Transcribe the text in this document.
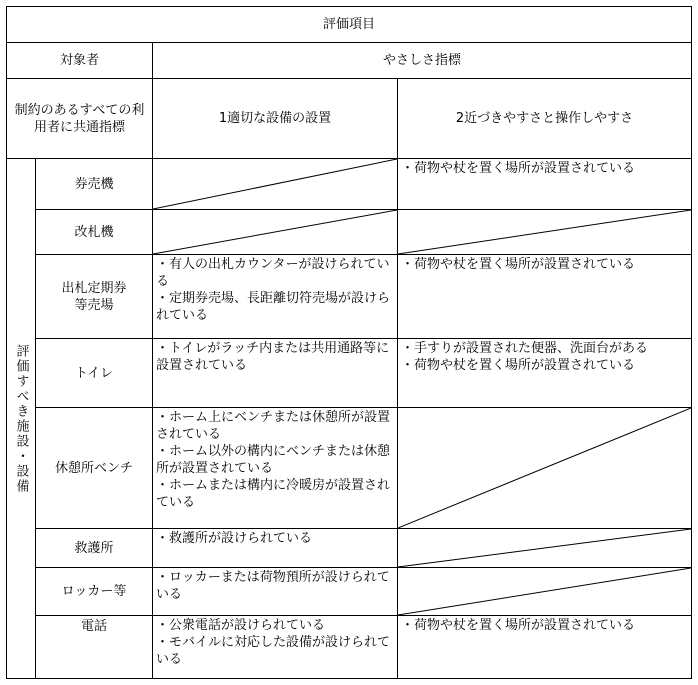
評価項目			
対象者		やさしさ指標	
制約のあるすべての利用者に共通指標		1適切な設備の設置	2近づきやすさと操作しやすさ
評価すべき施設・設備	券売機		・荷物や杖を置く場所が設置されている

	改札機	

	出札定期券等売場	・有人の出札カウンターが設けられている
・定期券売場、長距離切符売場が設けられている	・荷物や杖を置く場所が設置されている

	トイレ	・トイレがラッチ内または共用通路等に設置されている	・手すりが設置された便器、洗面台がある
・荷物や杖を置く場所が設置されている

	休憩所ベンチ	・ホーム上にベンチまたは休憩所が設置されている
・ホーム以外の構内にベンチまたは休憩所が設置されている
・ホームまたは構内に冷暖房が設置されている

	救護所	・救護所が設けられている

	ロッカー等	・ロッカーまたは荷物預所が設けられている

	電話	・公衆電話が設けられている
・モバイルに対応した設備が設けられている	・荷物や杖を置く場所が設置されている
